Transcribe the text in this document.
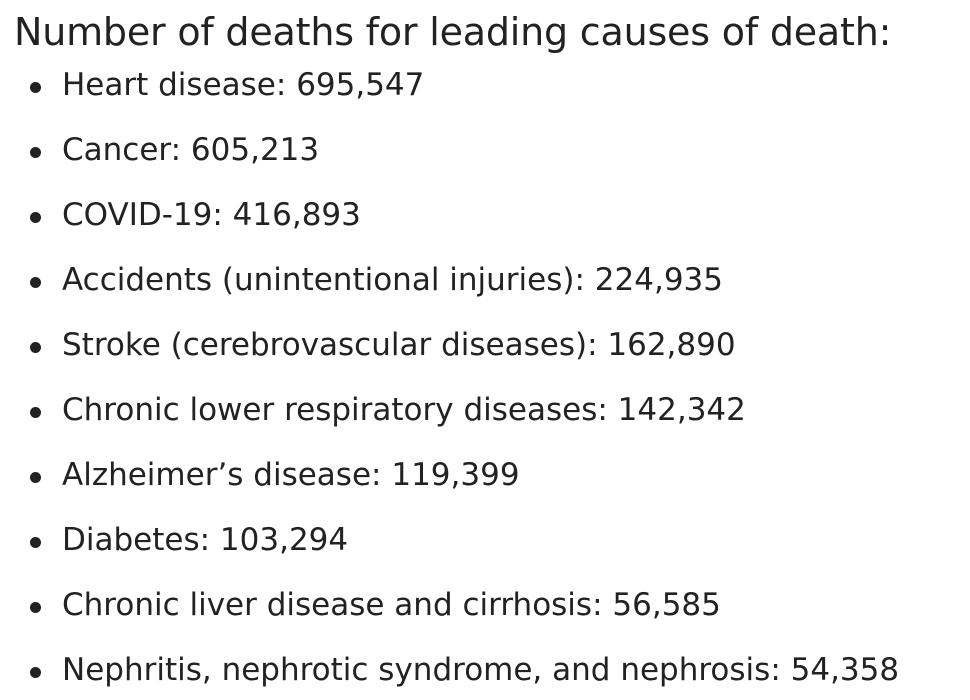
Number of deaths for leading causes of death:
Heart disease: 695,547
Cancer: 605,213
COVID-19: 416,893
Accidents (unintentional injuries): 224,935
Stroke (cerebrovascular diseases): 162,890
Chronic lower respiratory diseases: 142,342
Alzheimer’s disease: 119,399
Diabetes: 103,294
Chronic liver disease and cirrhosis: 56,585
Nephritis, nephrotic syndrome, and nephrosis: 54,358
